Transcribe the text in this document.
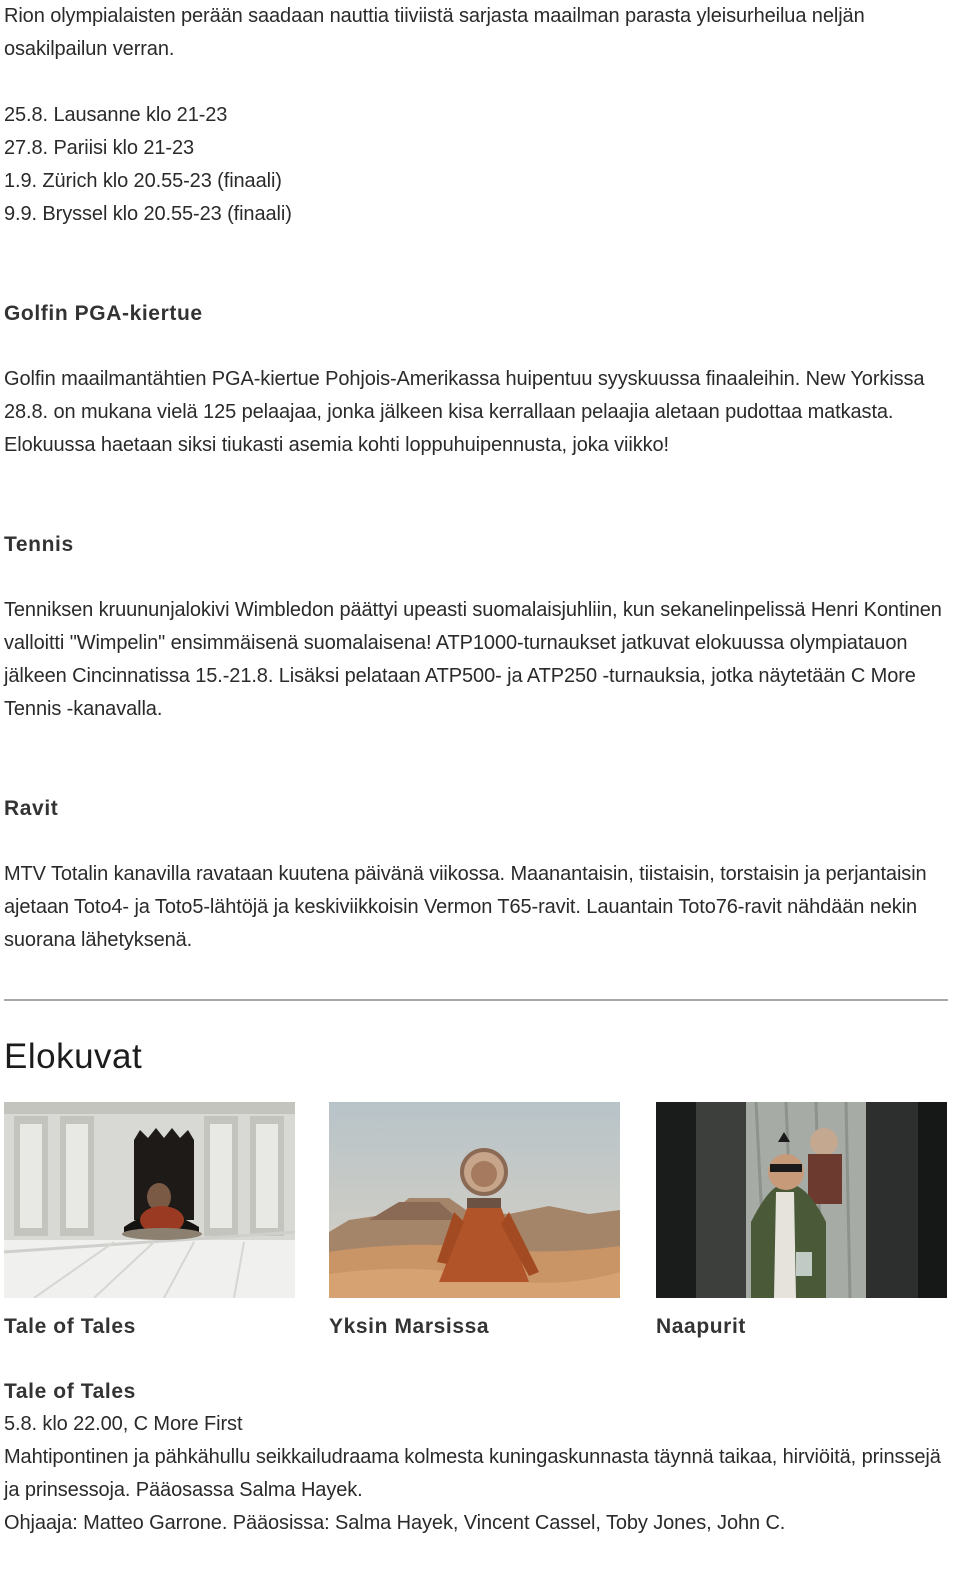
Rion olympialaisten perään saadaan nauttia tiiviistä sarjasta maailman parasta yleisurheilua neljän osakilpailun verran.

25.8. Lausanne klo 21-23

27.8. Pariisi klo 21-23

1.9. Zürich klo 20.55-23 (finaali)

9.9. Bryssel klo 20.55-23 (finaali)

Golfin PGA-kiertue

Golfin maailmantähtien PGA-kiertue Pohjois-Amerikassa huipentuu syyskuussa finaaleihin. New Yorkissa 28.8. on mukana vielä 125 pelaajaa, jonka jälkeen kisa kerrallaan pelaajia aletaan pudottaa matkasta. Elokuussa haetaan siksi tiukasti asemia kohti loppuhuipennusta, joka viikko!

Tennis

Tenniksen kruununjalokivi Wimbledon päättyi upeasti suomalaisjuhliin, kun sekanelinpelissä Henri Kontinen valloitti "Wimpelin" ensimmäisenä suomalaisena! ATP1000-turnaukset jatkuvat elokuussa olympiatauon jälkeen Cincinnatissa 15.-21.8. Lisäksi pelataan ATP500- ja ATP250 -turnauksia, jotka näytetään C More Tennis -kanavalla.

Ravit

MTV Totalin kanavilla ravataan kuutena päivänä viikossa. Maanantaisin, tiistaisin, torstaisin ja perjantaisin ajetaan Toto4- ja Toto5-lähtöjä ja keskiviikkoisin Vermon T65-ravit. Lauantain Toto76-ravit nähdään nekin suorana lähetyksenä.

Elokuvat
Tale of Tales	Yksin Marsissa	Naapurit
Tale of Tales

5.8. klo 22.00, C More First

Mahtipontinen ja pähkähullu seikkailudraama kolmesta kuningaskunnasta täynnä taikaa, hirviöitä, prinssejä ja prinsessoja. Pääosassa Salma Hayek.

Ohjaaja: Matteo Garrone. Pääosissa: Salma Hayek, Vincent Cassel, Toby Jones, John C.
